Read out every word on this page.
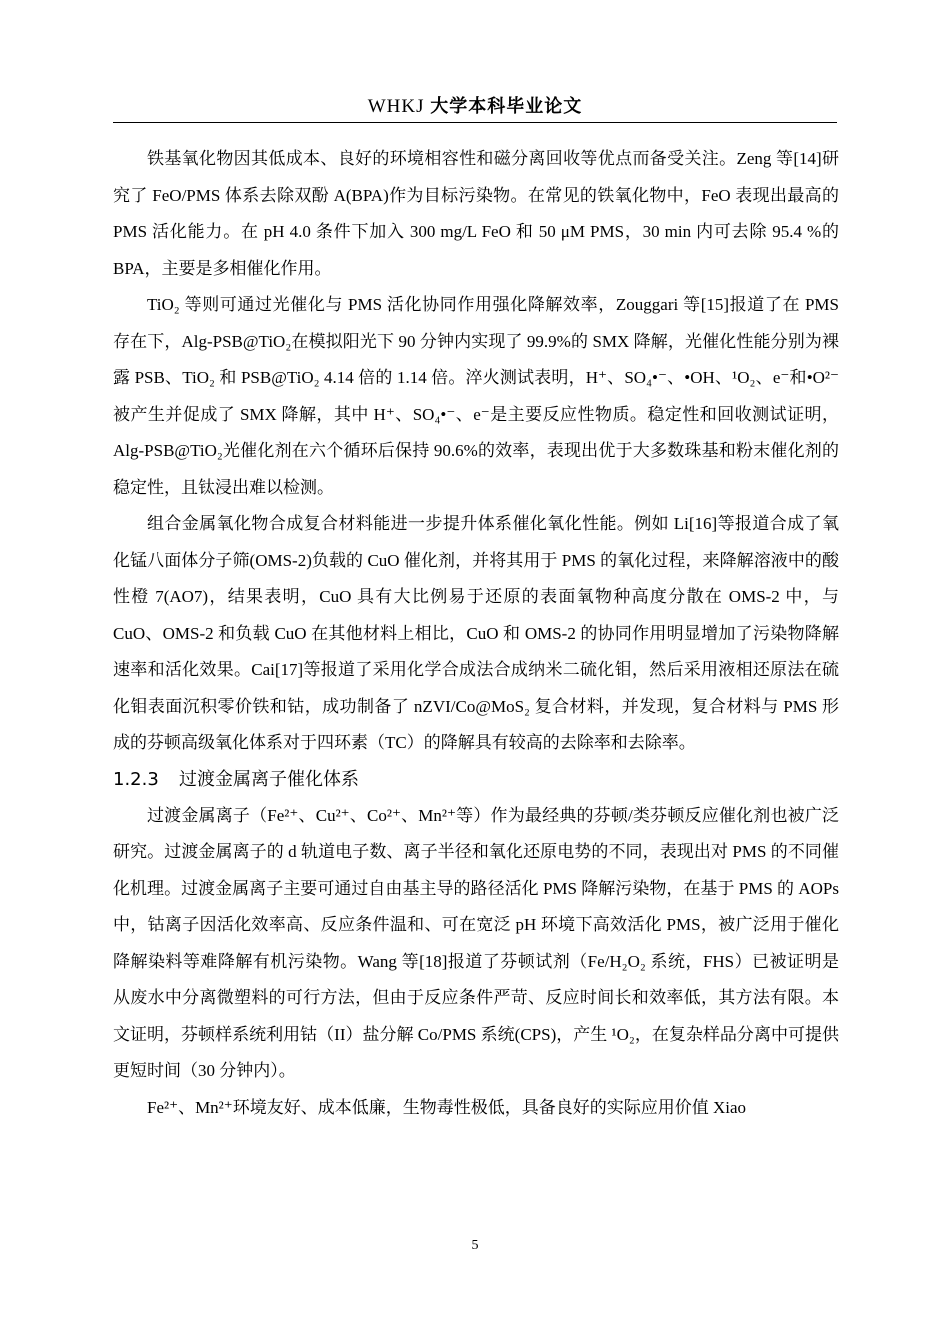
WHKJ 大学本科毕业论文

铁基氧化物因其低成本、良好的环境相容性和磁分离回收等优点而备受关注。Zeng 等[14]研究了 FeO/PMS 体系去除双酚 A(BPA)作为目标污染物。在常见的铁氧化物中，FeO 表现出最高的 PMS 活化能力。在 pH 4.0 条件下加入 300 mg/L FeO 和 50 μM PMS，30 min 内可去除 95.4 %的 BPA，主要是多相催化作用。

TiO₂ 等则可通过光催化与 PMS 活化协同作用强化降解效率，Zouggari 等[15]报道了在 PMS 存在下，Alg-PSB@TiO₂在模拟阳光下 90 分钟内实现了 99.9%的 SMX 降解，光催化性能分别为裸露 PSB、TiO₂ 和 PSB@TiO₂ 4.14 倍的 1.14 倍。淬火测试表明，H⁺、SO₄•⁻、•OH、¹O₂、e⁻和•O²⁻被产生并促成了 SMX 降解，其中 H⁺、SO₄•⁻、e⁻是主要反应性物质。稳定性和回收测试证明，Alg-PSB@TiO₂光催化剂在六个循环后保持 90.6%的效率，表现出优于大多数珠基和粉末催化剂的稳定性，且钛浸出难以检测。

组合金属氧化物合成复合材料能进一步提升体系催化氧化性能。例如 Li[16]等报道合成了氧化锰八面体分子筛(OMS-2)负载的 CuO 催化剂，并将其用于 PMS 的氧化过程，来降解溶液中的酸性橙 7(AO7)，结果表明，CuO 具有大比例易于还原的表面氧物种高度分散在 OMS-2 中，与 CuO、OMS-2 和负载 CuO 在其他材料上相比，CuO 和 OMS-2 的协同作用明显增加了污染物降解速率和活化效果。Cai[17]等报道了采用化学合成法合成纳米二硫化钼，然后采用液相还原法在硫化钼表面沉积零价铁和钴，成功制备了 nZVI/Co@MoS₂ 复合材料，并发现，复合材料与 PMS 形成的芬顿高级氧化体系对于四环素（TC）的降解具有较高的去除率和去除率。

1.2.3 过渡金属离子催化体系

过渡金属离子（Fe²⁺、Cu²⁺、Co²⁺、Mn²⁺等）作为最经典的芬顿/类芬顿反应催化剂也被广泛研究。过渡金属离子的 d 轨道电子数、离子半径和氧化还原电势的不同，表现出对 PMS 的不同催化机理。过渡金属离子主要可通过自由基主导的路径活化 PMS 降解污染物，在基于 PMS 的 AOPs 中，钴离子因活化效率高、反应条件温和、可在宽泛 pH 环境下高效活化 PMS，被广泛用于催化降解染料等难降解有机污染物。Wang 等[18]报道了芬顿试剂（Fe/H₂O₂ 系统，FHS）已被证明是从废水中分离微塑料的可行方法，但由于反应条件严苛、反应时间长和效率低，其方法有限。本文证明，芬顿样系统利用钴（II）盐分解 Co/PMS 系统(CPS)，产生 ¹O₂，在复杂样品分离中可提供更短时间（30 分钟内）。

Fe²⁺、Mn²⁺环境友好、成本低廉，生物毒性极低，具备良好的实际应用价值 Xiao

5
